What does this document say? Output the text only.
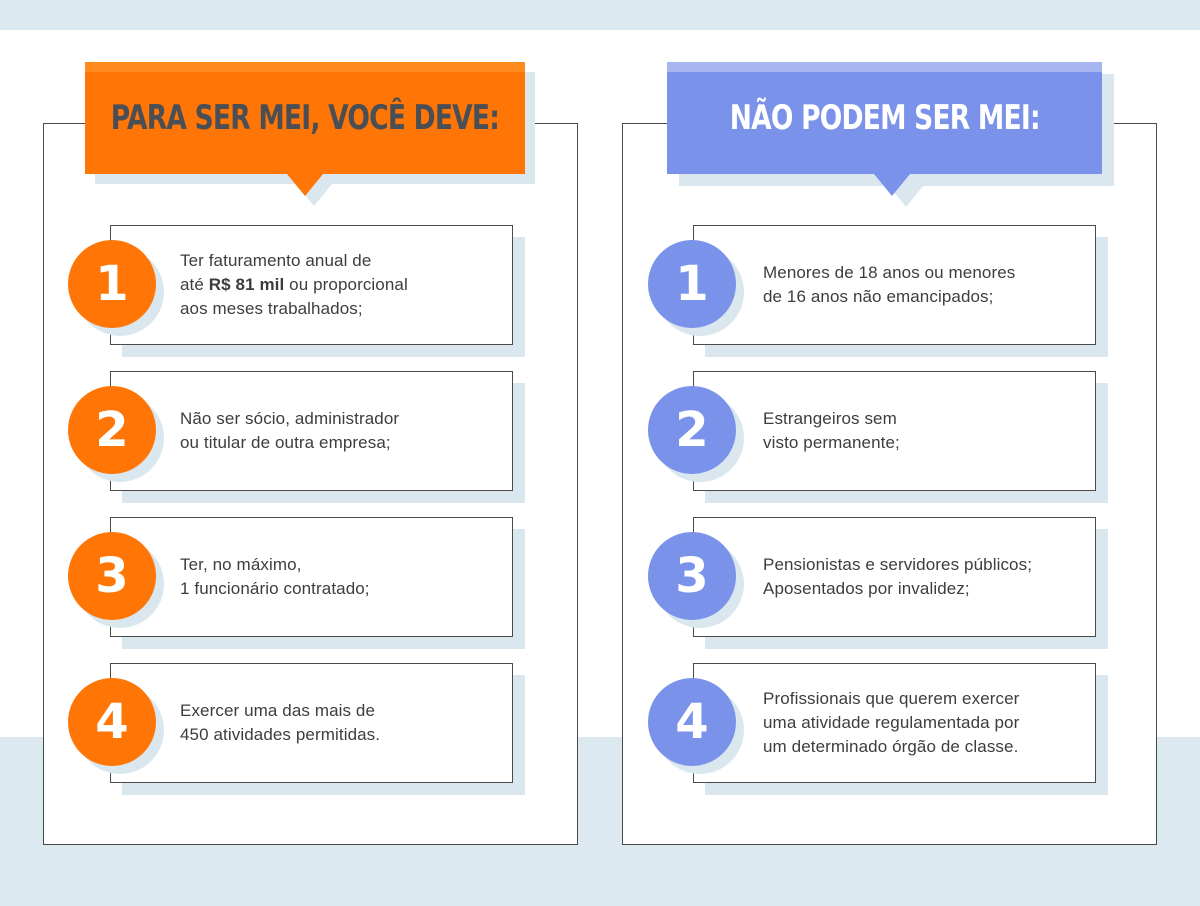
PARA SER MEI, VOCÊ DEVE:
Ter faturamento anual de
até R$ 81 mil ou proporcional
aos meses trabalhados;
1
Não ser sócio, administrador
ou titular de outra empresa;
2
Ter, no máximo,
1 funcionário contratado;
3
Exercer uma das mais de
450 atividades permitidas.
4
NÃO PODEM SER MEI:
Menores de 18 anos ou menores
de 16 anos não emancipados;
1
Estrangeiros sem
visto permanente;
2
Pensionistas e servidores públicos;
Aposentados por invalidez;
3
Profissionais que querem exercer
uma atividade regulamentada por
um determinado órgão de classe.
4
